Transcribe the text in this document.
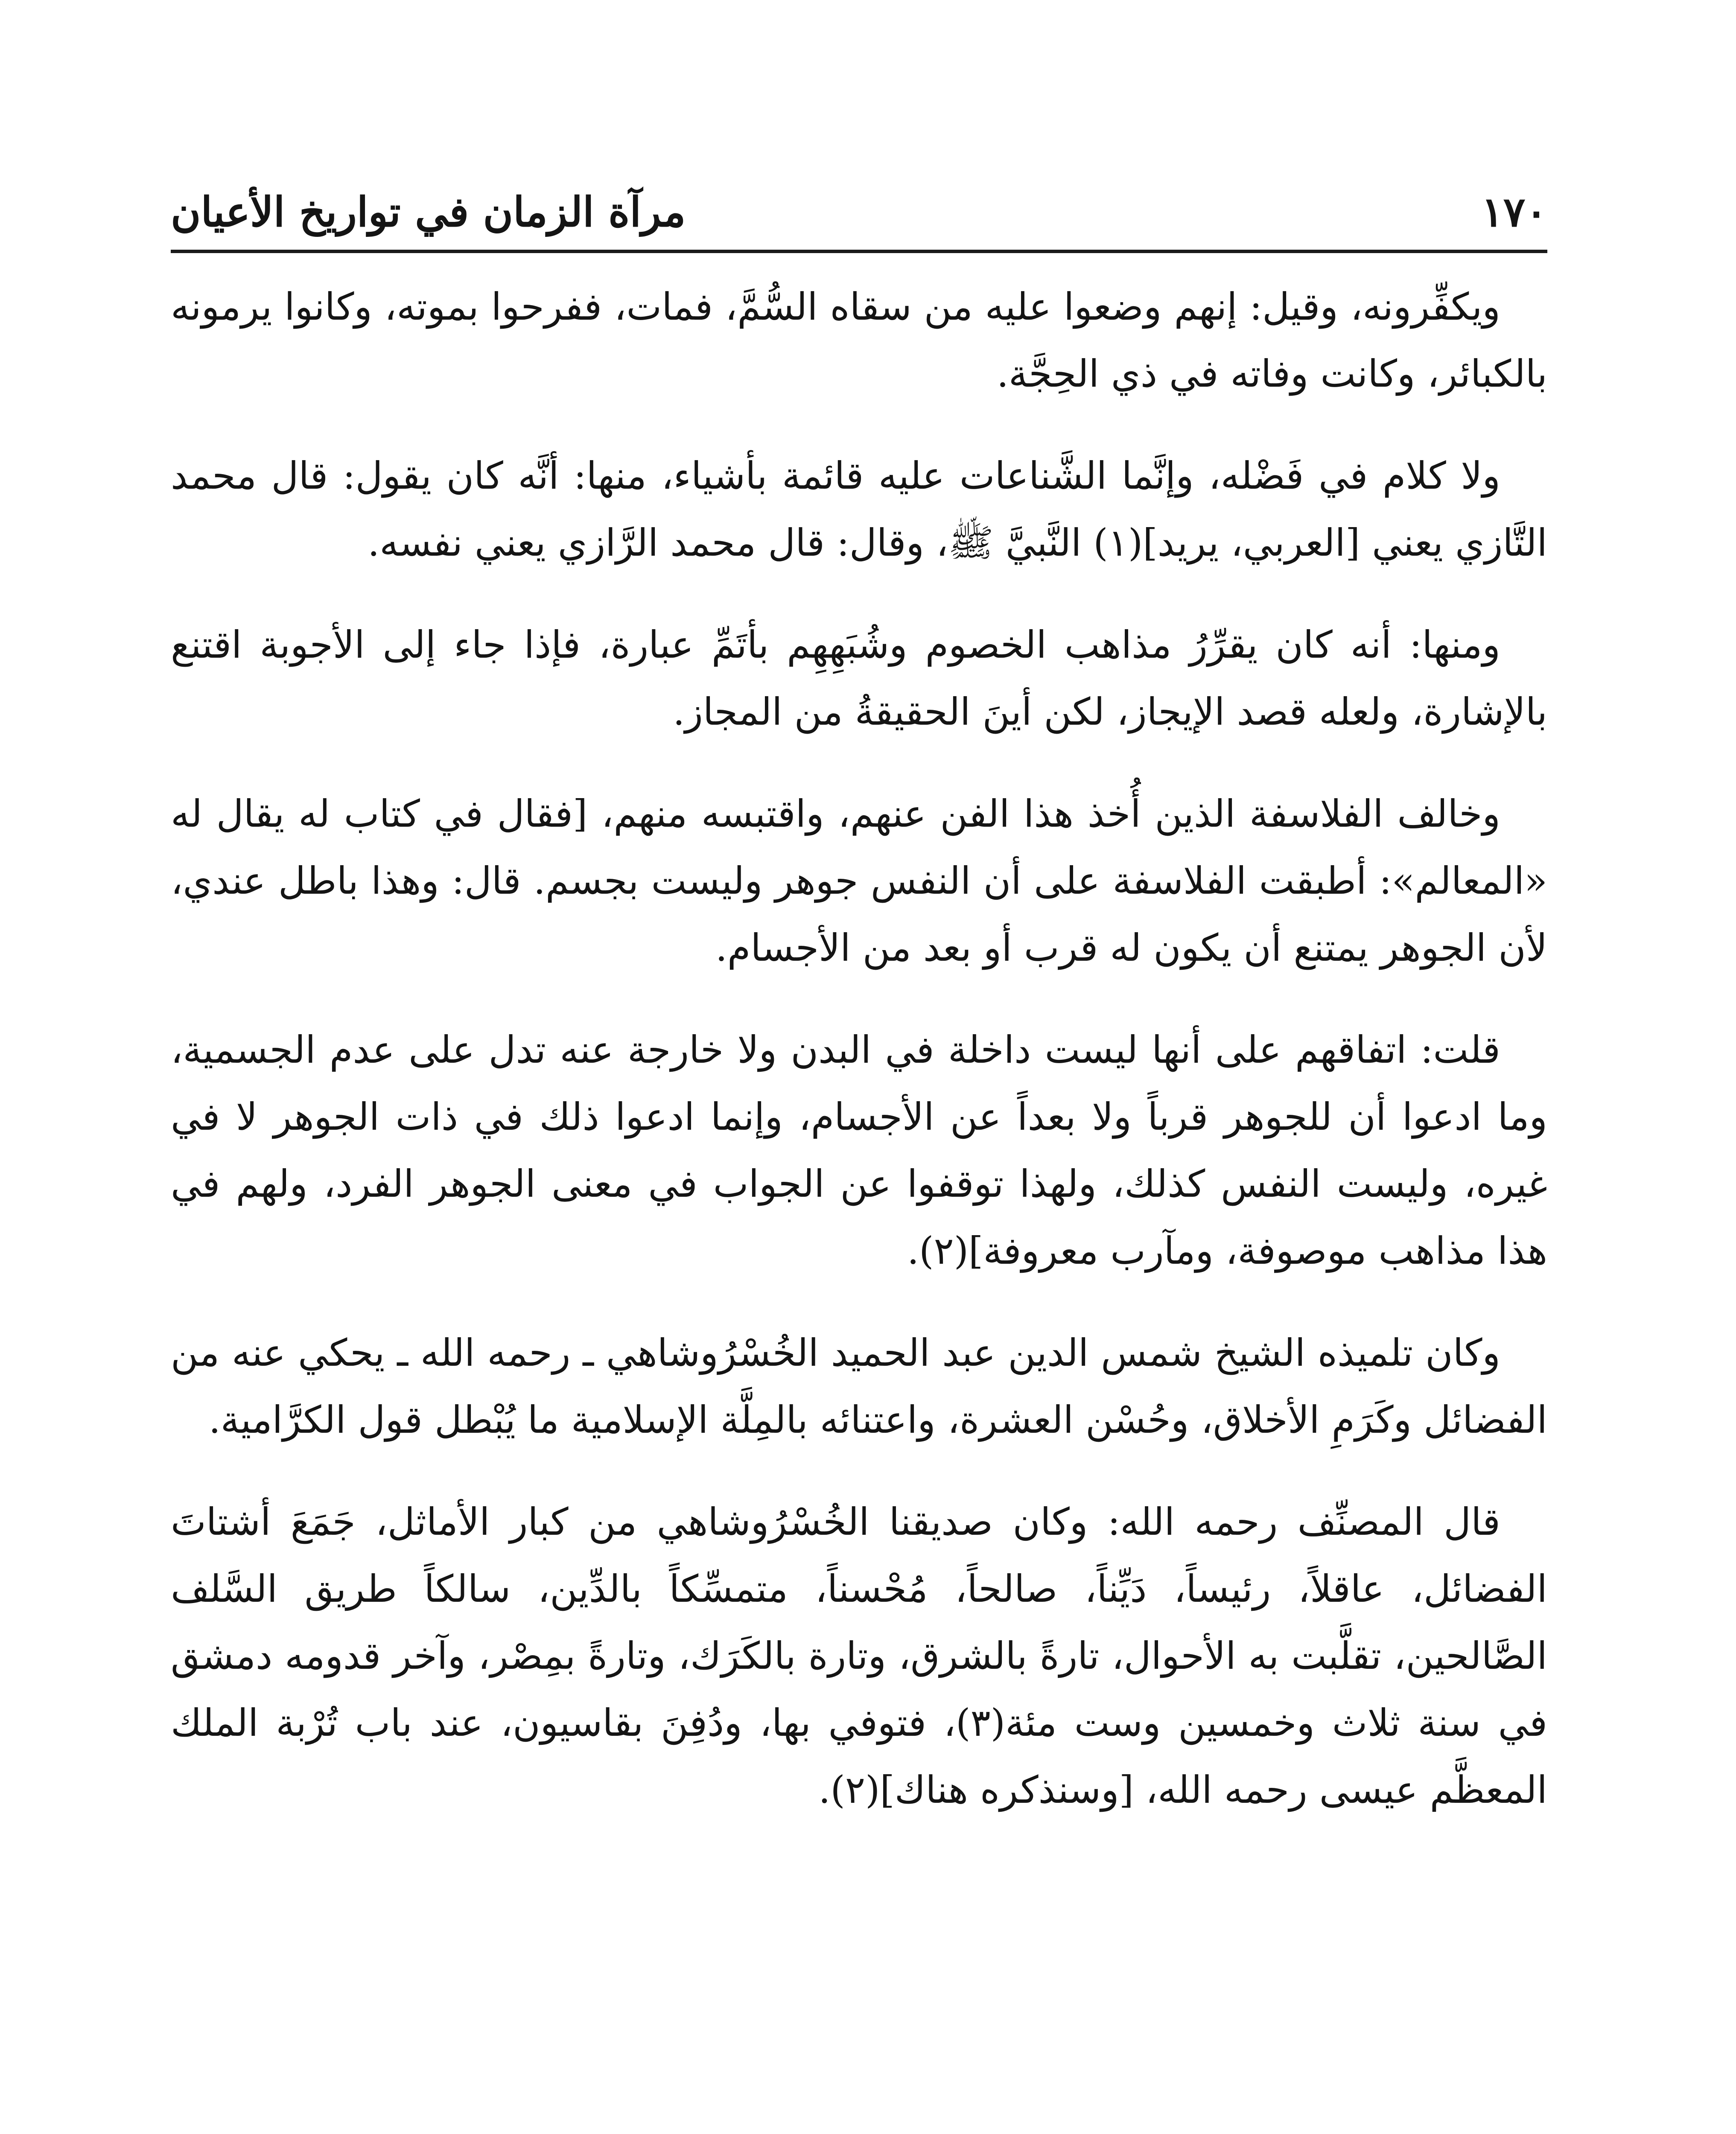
١٧٠
مرآة الزمان في تواريخ الأعيان

ويكفِّرونه، وقيل: إنهم وضعوا عليه من سقاه السُّمَّ، فمات، ففرحوا بموته، وكانوا يرمونه بالكبائر، وكانت وفاته في ذي الحِجَّة.

ولا كلام في فَضْله، وإنَّما الشَّناعات عليه قائمة بأشياء، منها: أنَّه كان يقول: قال محمد التَّازي يعني [العربي، يريد](١) النَّبيَّ ﷺ، وقال: قال محمد الرَّازي يعني نفسه.

ومنها: أنه كان يقرِّرُ مذاهب الخصوم وشُبَهِهِم بأتَمِّ عبارة، فإذا جاء إلى الأجوبة اقتنع بالإشارة، ولعله قصد الإيجاز، لكن أينَ الحقيقةُ من المجاز.

وخالف الفلاسفة الذين أُخذ هذا الفن عنهم، واقتبسه منهم، [فقال في كتاب له يقال له «المعالم»: أطبقت الفلاسفة على أن النفس جوهر وليست بجسم. قال: وهذا باطل عندي، لأن الجوهر يمتنع أن يكون له قرب أو بعد من الأجسام.

قلت: اتفاقهم على أنها ليست داخلة في البدن ولا خارجة عنه تدل على عدم الجسمية، وما ادعوا أن للجوهر قرباً ولا بعداً عن الأجسام، وإنما ادعوا ذلك في ذات الجوهر لا في غيره، وليست النفس كذلك، ولهذا توقفوا عن الجواب في معنى الجوهر الفرد، ولهم في هذا مذاهب موصوفة، ومآرب معروفة](٢).

وكان تلميذه الشيخ شمس الدين عبد الحميد الخُسْرُوشاهي ـ رحمه الله ـ يحكي عنه من الفضائل وكَرَمِ الأخلاق، وحُسْن العشرة، واعتنائه بالمِلَّة الإسلامية ما يُبْطل قول الكرَّامية.

قال المصنِّف رحمه الله: وكان صديقنا الخُسْرُوشاهي من كبار الأماثل، جَمَعَ أشتاتَ الفضائل، عاقلاً، رئيساً، دَيِّناً، صالحاً، مُحْسناً، متمسِّكاً بالدِّين، سالكاً طريق السَّلف الصَّالحين، تقلَّبت به الأحوال، تارةً بالشرق، وتارة بالكَرَك، وتارةً بمِصْر، وآخر قدومه دمشق في سنة ثلاث وخمسين وست مئة(٣)، فتوفي بها، ودُفِنَ بقاسيون، عند باب تُرْبة الملك المعظَّم عيسى رحمه الله، [وسنذكره هناك](٢).
